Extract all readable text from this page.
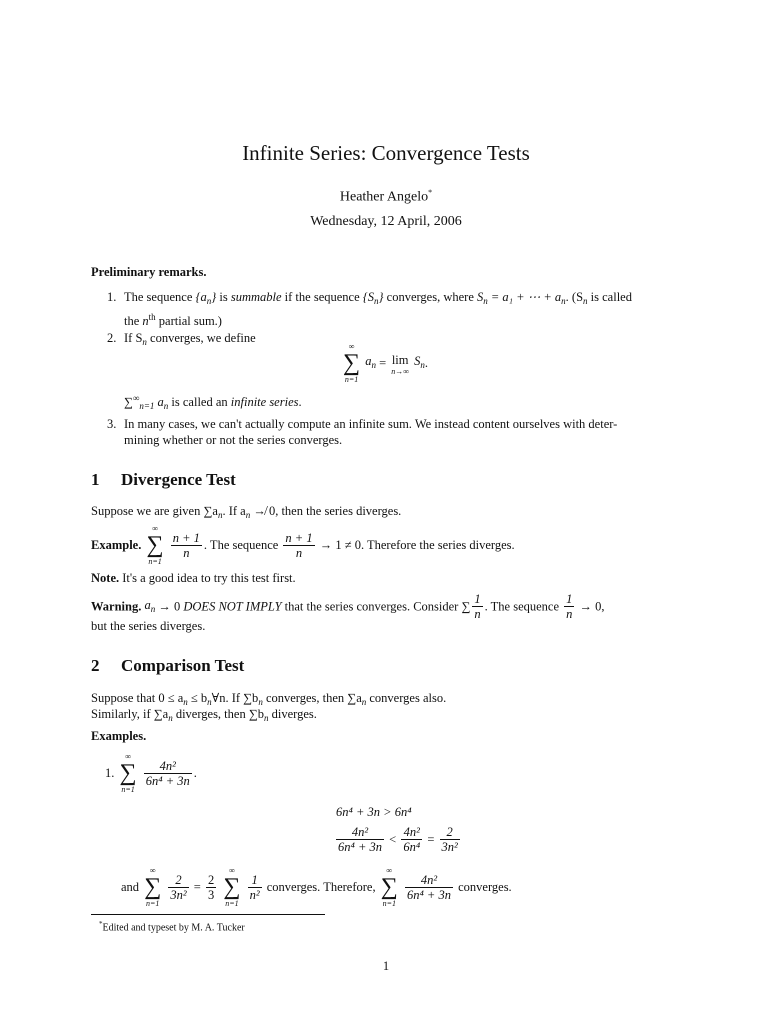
Infinite Series: Convergence Tests
Heather Angelo*
Wednesday, 12 April, 2006
Preliminary remarks.
1. The sequence $\{a_n\}$ is summable if the sequence $\{S_n\}$ converges, where $S_n = a_1$ + ⋯ + $a_n$. ($S_n$ is called
the $n^{th}$ partial sum.)
2. If $S_n$ converges, we define
∞
∑
n=1
$a_n = \lim$
n→∞
$S_n$.
$\sum^\infty_{n=1}$ $a_n$ is called an infinite series.
3. In many cases, we can't actually compute an infinite sum. We instead content ourselves with deter-
mining whether or not the series converges.
1 Divergence Test
Suppose we are given $\sum a_n$. If $a_n$ ↛ 0, then the series diverges.
Example.
∞
∑
n=1

$\frac{n + 1}{n}$ . The sequence $\frac{n + 1}{n} \to 1 \ne 0$. Therefore the series diverges.
Note. It's a good idea to try this test first.
Warning. $a_n \to 0$ DOES NOT IMPLY that the series converges. Consider ∑ $\frac{1}{n}$ . The sequence $\frac{1}{n} \to 0$,
but the series diverges.
2 Comparison Test
Suppose that $0 \le a_n$ ≤ $b_n\forall n$. If $\sum b_n$ converges, then $\sum a_n$ converges also.
Similarly, if $\sum a_n$ diverges, then $\sum b_n$ diverges.
Examples.
1.
∞
∑
n=1

$\frac{\text{4n²}}{\text{6n⁴ + 3n}}$ .
6n⁴ + 3n > 6n⁴
$\frac{\text{4n²}}{\text{6n⁴ + 3n}} < \frac{\text{4n²}}{\text{6n⁴}} = \frac{2}{\text{3n²}}$
and
∞
∑
n=1

$\frac{2}{\text{3n²}} = \frac{2}{3}$

∞
∑
n=1

$\frac{1}{\text{n²}}$ converges. Therefore,
∞
∑
n=1

$\frac{\text{4n²}}{\text{6n⁴ + 3n}}$ converges.
*Edited and typeset by M. A. Tucker
1
